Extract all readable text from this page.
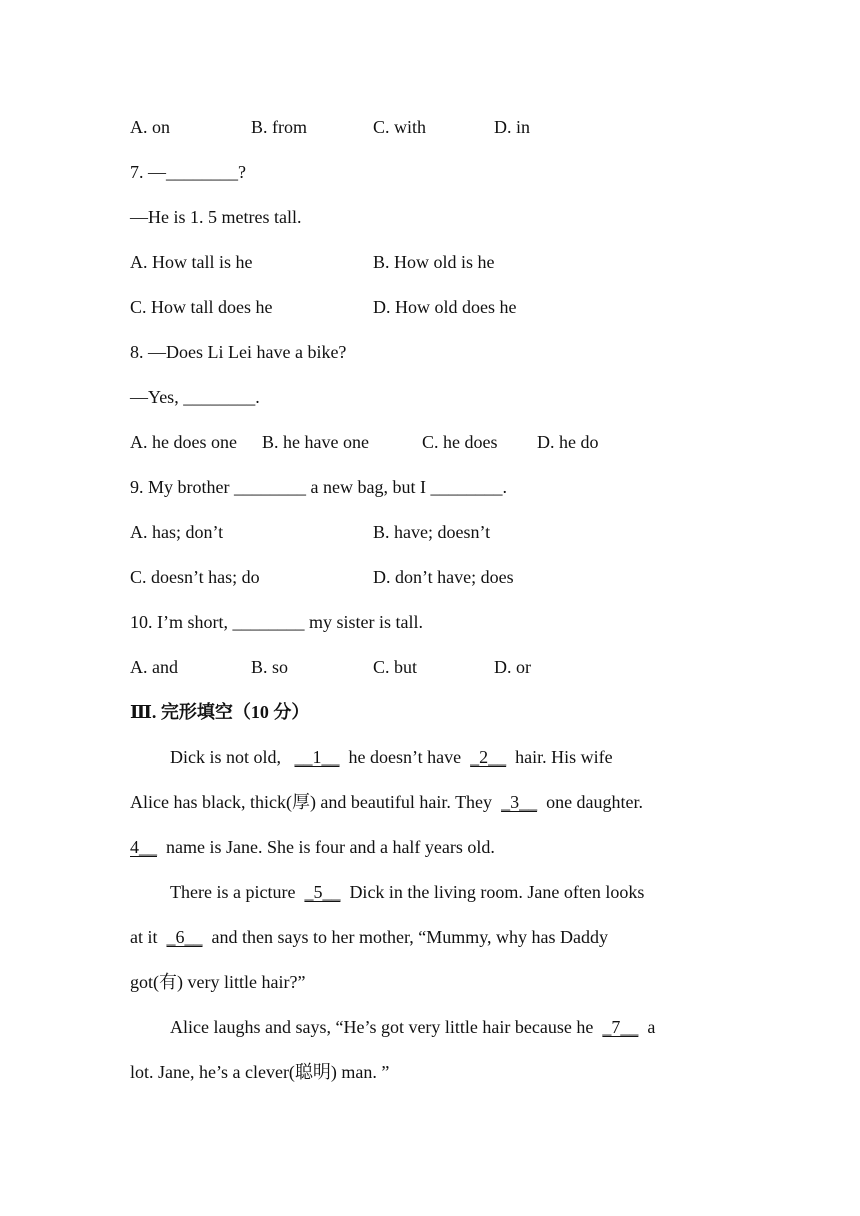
A. on	B. from	C. with	D. in
7. —________?
—He is 1. 5 metres tall.
A. How tall is he	B. How old is he
C. How tall does he	D. How old does he
8. —Does Li Lei have a bike?
—Yes, ________.
A. he does one B. he have one	C. he does D. he do
9. My brother ________ a new bag, but I ________.
A. has; don’t	B. have; doesn’t
C. doesn’t has; do	D. don’t have; does
10. I’m short, ________ my sister is tall.
A. and	B. so	C. but	D. or
Ⅲ. 完形填空（10 分）
Dick is not old, __1__ he doesn’t have _2__ hair. His wife
Alice has black, thick(厚) and beautiful hair. They _3__ one daughter.
4__ name is Jane. She is four and a half years old.
There is a picture _5__ Dick in the living room. Jane often looks
at it _6__ and then says to her mother, “Mummy, why has Daddy
got(有) very little hair?”
Alice laughs and says, “He’s got very little hair because he _7__ a
lot. Jane, he’s a clever(聪明) man. ”
